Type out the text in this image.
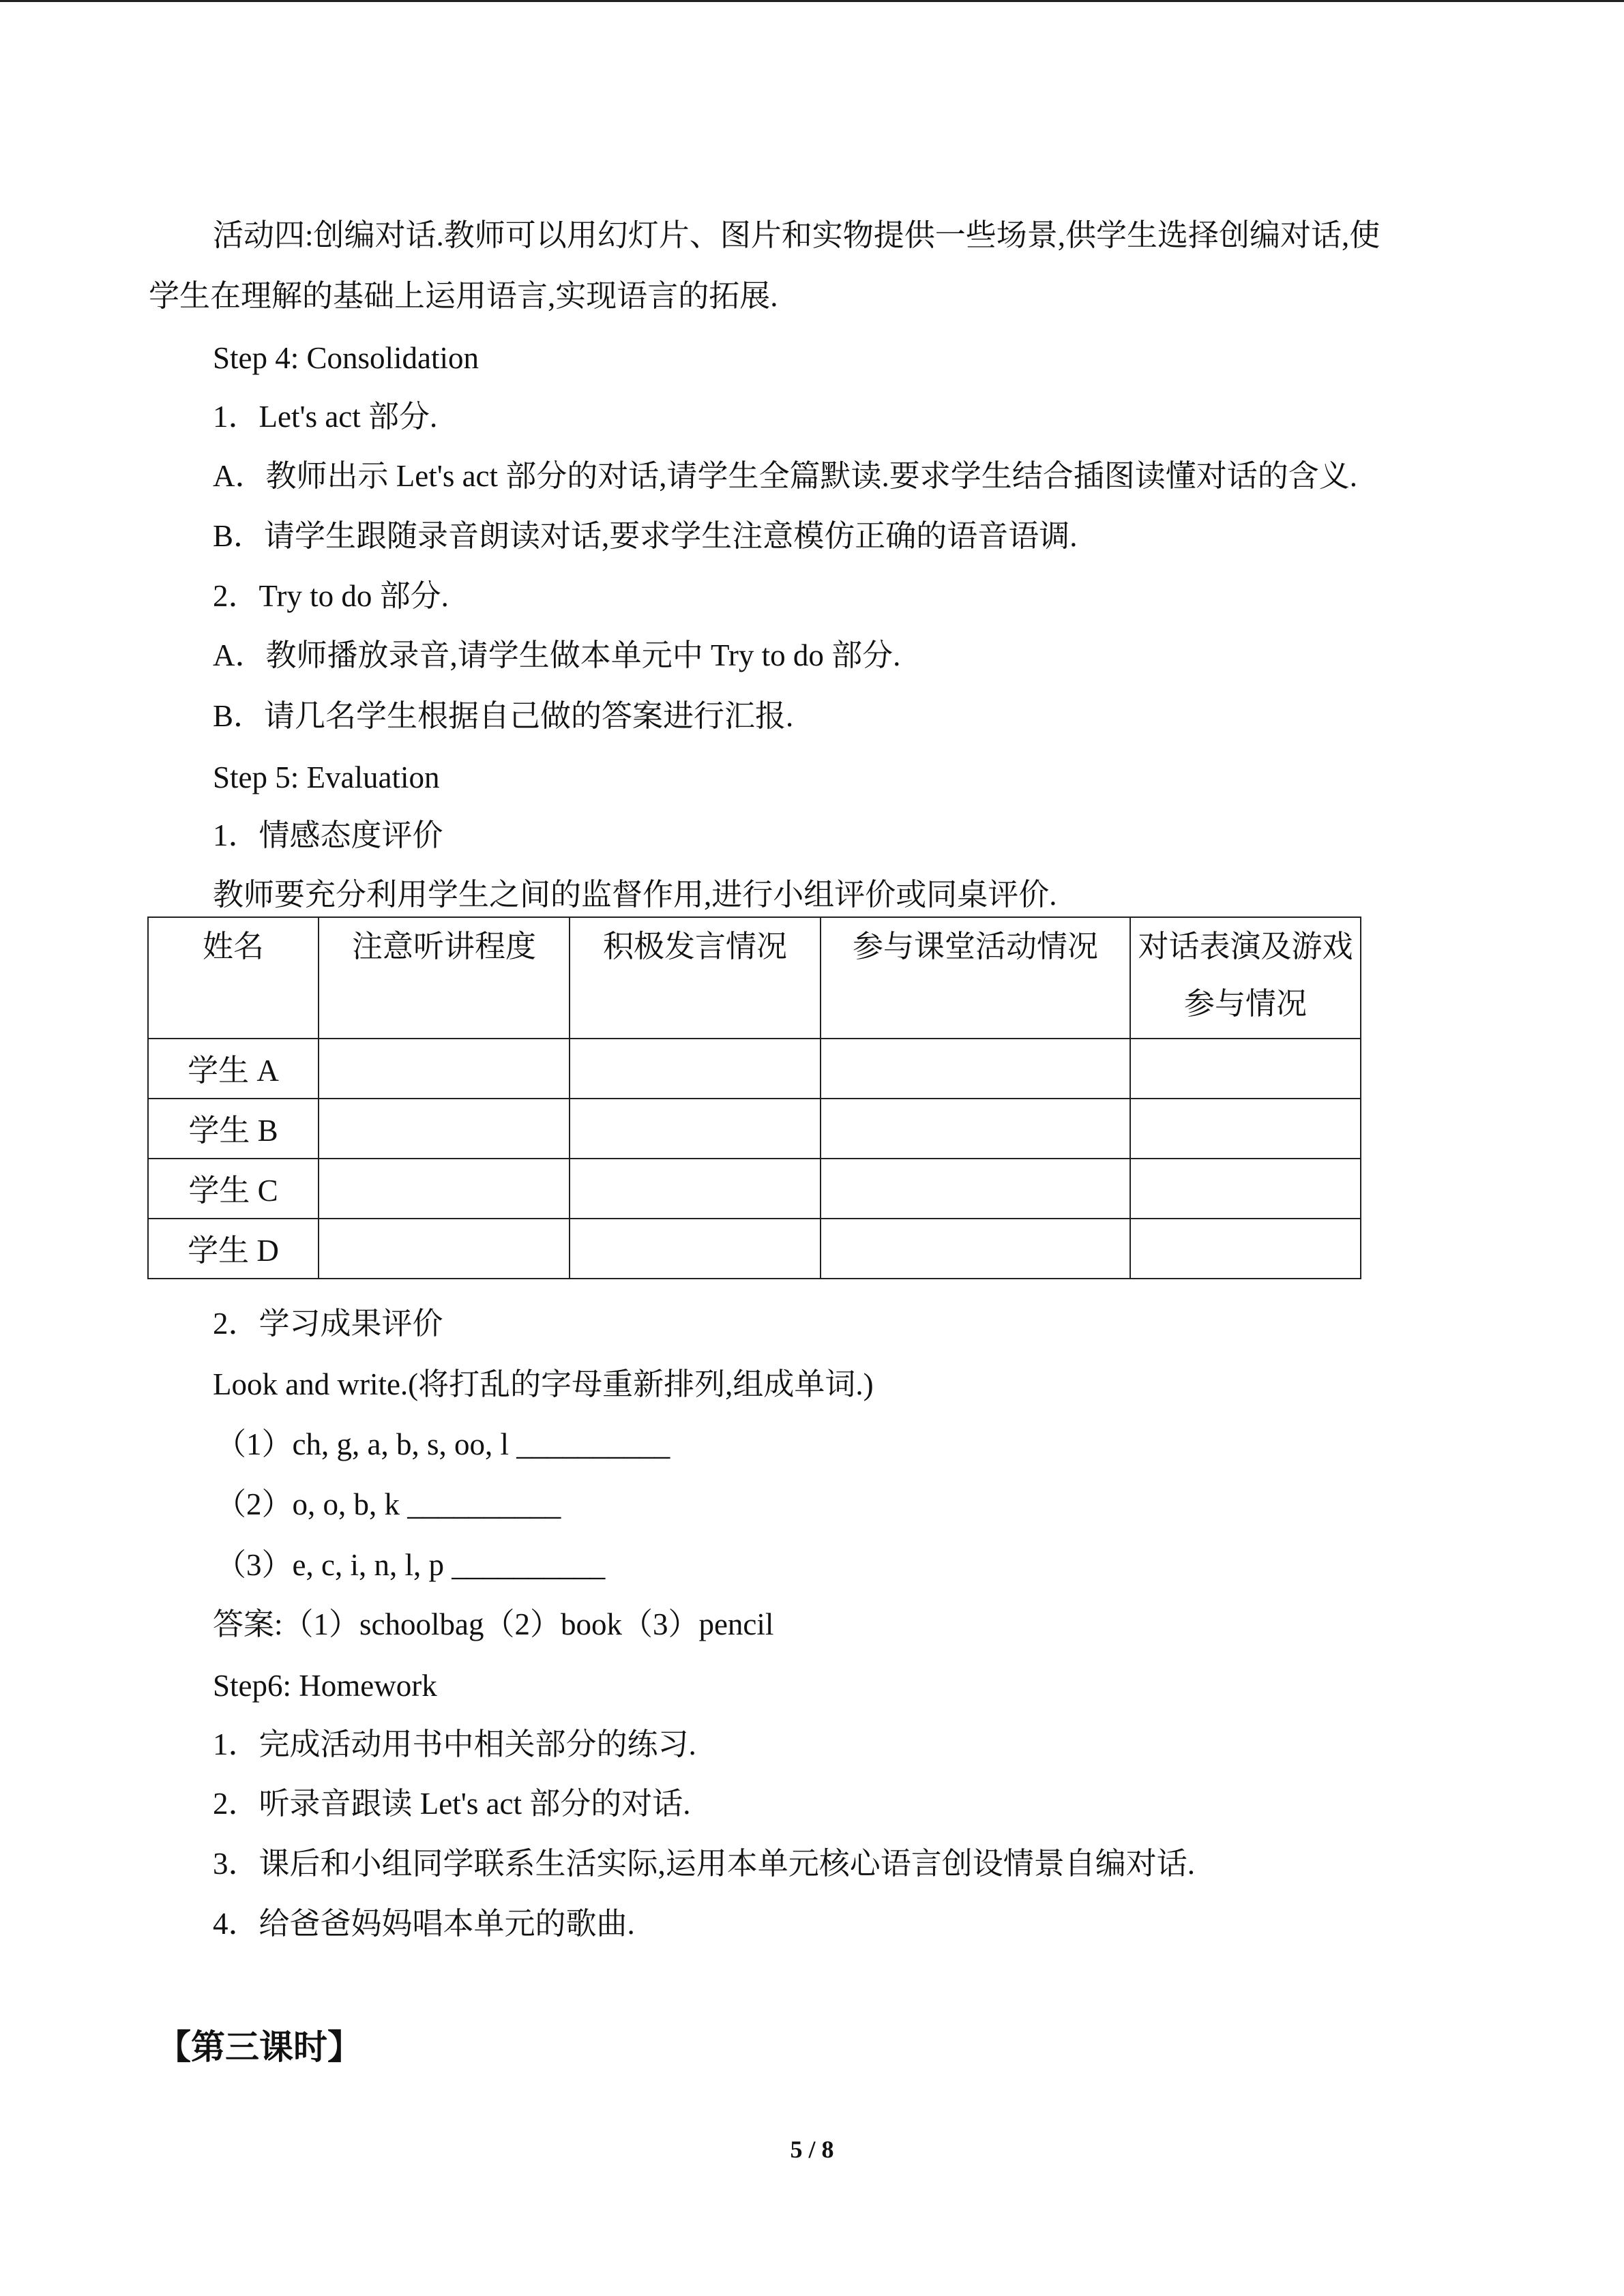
活动四:创编对话.教师可以用幻灯片、图片和实物提供一些场景,供学生选择创编对话,使
学生在理解的基础上运用语言,实现语言的拓展.
Step 4: Consolidation
1．Let's act 部分.
A．教师出示 Let's act 部分的对话,请学生全篇默读.要求学生结合插图读懂对话的含义.
B．请学生跟随录音朗读对话,要求学生注意模仿正确的语音语调.
2．Try to do 部分.
A．教师播放录音,请学生做本单元中 Try to do 部分.
B．请几名学生根据自己做的答案进行汇报.
Step 5: Evaluation
1．情感态度评价
教师要充分利用学生之间的监督作用,进行小组评价或同桌评价.
姓名	注意听讲程度	积极发言情况	参与课堂活动情况	对话表演及游戏参与情况
学生 A				
学生 B				
学生 C				
学生 D				
2．学习成果评价
Look and write.(将打乱的字母重新排列,组成单词.)
（1）ch, g, a, b, s, oo, l __________
（2）o, o, b, k __________
（3）e, c, i, n, l, p __________
答案:（1）schoolbag（2）book（3）pencil
Step6: Homework
1．完成活动用书中相关部分的练习.
2．听录音跟读 Let's act 部分的对话.
3．课后和小组同学联系生活实际,运用本单元核心语言创设情景自编对话.
4．给爸爸妈妈唱本单元的歌曲.
【第三课时】
5 / 8
